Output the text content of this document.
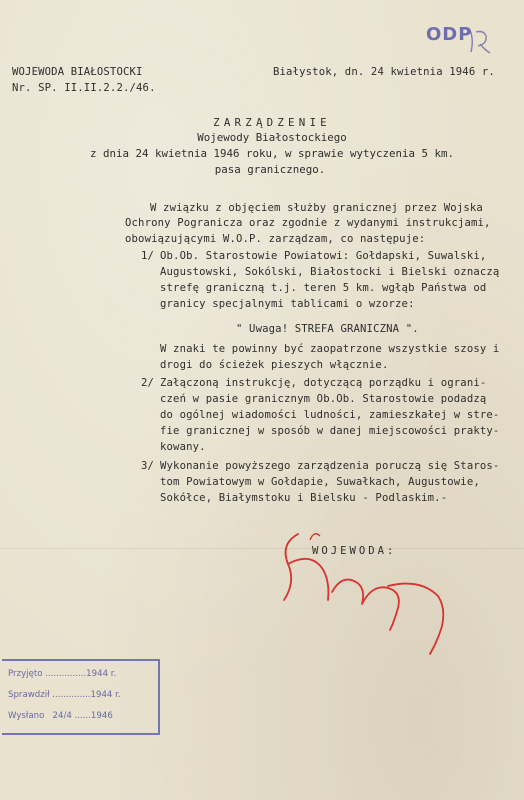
ODP
WOJEWODA BIAŁOSTOCKI
Nr. SP. II.II.2.2./46.
Białystok, dn. 24 kwietnia 1946 r.
ZARZĄDZENIE
Wojewody Białostockiego
z dnia 24 kwietnia 1946 roku, w sprawie wytyczenia 5 km.
pasa granicznego.
W związku z objęciem służby granicznej przez Wojska
Ochrony Pogranicza oraz zgodnie z wydanymi instrukcjami,
obowiązującymi W.O.P. zarządzam, co następuje:
1/ Ob.Ob. Starostowie Powiatowi: Gołdapski, Suwalski,
Augustowski, Sokólski, Białostocki i Bielski oznaczą
strefę graniczną t.j. teren 5 km. wgłąb Państwa od
granicy specjalnymi tablicami o wzorze:
" Uwaga! STREFA GRANICZNA ".
W znaki te powinny być zaopatrzone wszystkie szosy i
drogi do ścieżek pieszych włącznie.
2/ Załączoną instrukcję, dotyczącą porządku i ograni-
czeń w pasie granicznym Ob.Ob. Starostowie podadzą
do ogólnej wiadomości ludności, zamieszkałej w stre-
fie granicznej w sposób w danej miejscowości prakty-
kowany.
3/ Wykonanie powyższego zarządzenia poruczą się Staros-
tom Powiatowym w Gołdapie, Suwałkach, Augustowie,
Sokółce, Białymstoku i Bielsku - Podlaskim.-
WOJEWODA:
Przyjęto ...............1944 r.
Sprawdził ..............1944 r.
Wysłano   24/4 ......1946
